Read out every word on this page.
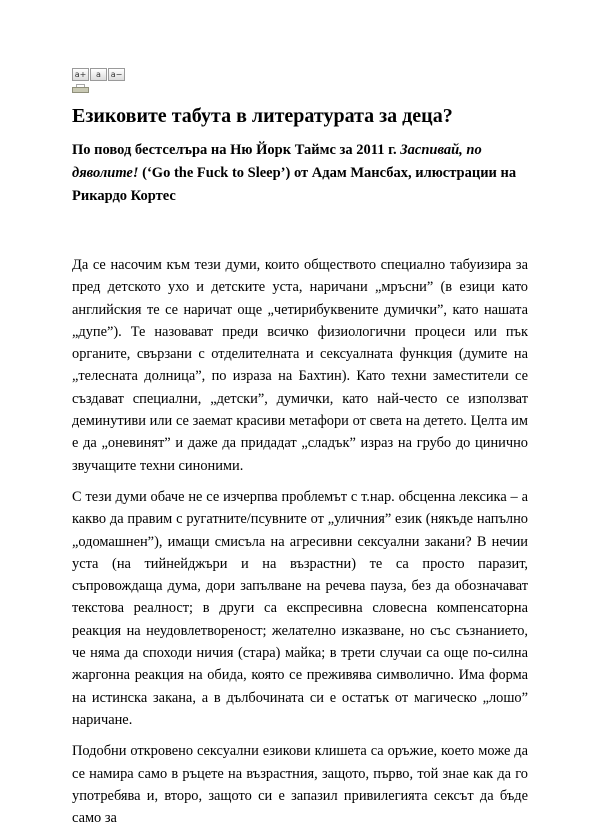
a+	a	a−
Езиковите табута в литературата за деца?

По повод бестселъра на Ню Йорк Таймс за 2011 г. Заспивай, по дяволите! (‘Go the Fuck to Sleep’) от Адам Мансбах, илюстрации на Рикардо Кортес

Да се насочим към тези думи, които обществото специално табуизира за пред детското ухо и детските уста, наричани „мръсни” (в езици като английския те се наричат още „четирибуквените думички”, като нашата „дупе”). Те назовават преди всичко физиологични процеси или пък органите, свързани с отделителната и сексуалната функция (думите на „телесната долница”, по израза на Бахтин). Като техни заместители се създават специални, „детски”, думички, като най-често се използват деминутиви или се заемат красиви метафори от света на детето. Целта им е да „оневинят” и даже да придадат „сладък” израз на грубо до цинично звучащите техни синоними.

С тези думи обаче не се изчерпва проблемът с т.нар. обсценна лексика – а какво да правим с ругатните/псувните от „уличния” език (някъде напълно „одомашнен”), имащи смисъла на агресивни сексуални закани? В нечии уста (на тийнейджъри и на възрастни) те са просто паразит, съпровождаща дума, дори запълване на речева пауза, без да обозначават текстова реалност; в други са експресивна словесна компенсаторна реакция на неудовлетвореност; желателно изказване, но със съзнанието, че няма да споходи ничия (стара) майка; в трети случаи са още по-силна жаргонна реакция на обида, която се преживява символично. Има форма на истинска закана, а в дълбочината си е остатък от магическо „лошо” наричане.

Подобни откровено сексуални езикови клишета са оръжие, което може да се намира само в ръцете на възрастния, защото, първо, той знае как да го употребява и, второ, защото си е запазил привилегията сексът да бъде само за
